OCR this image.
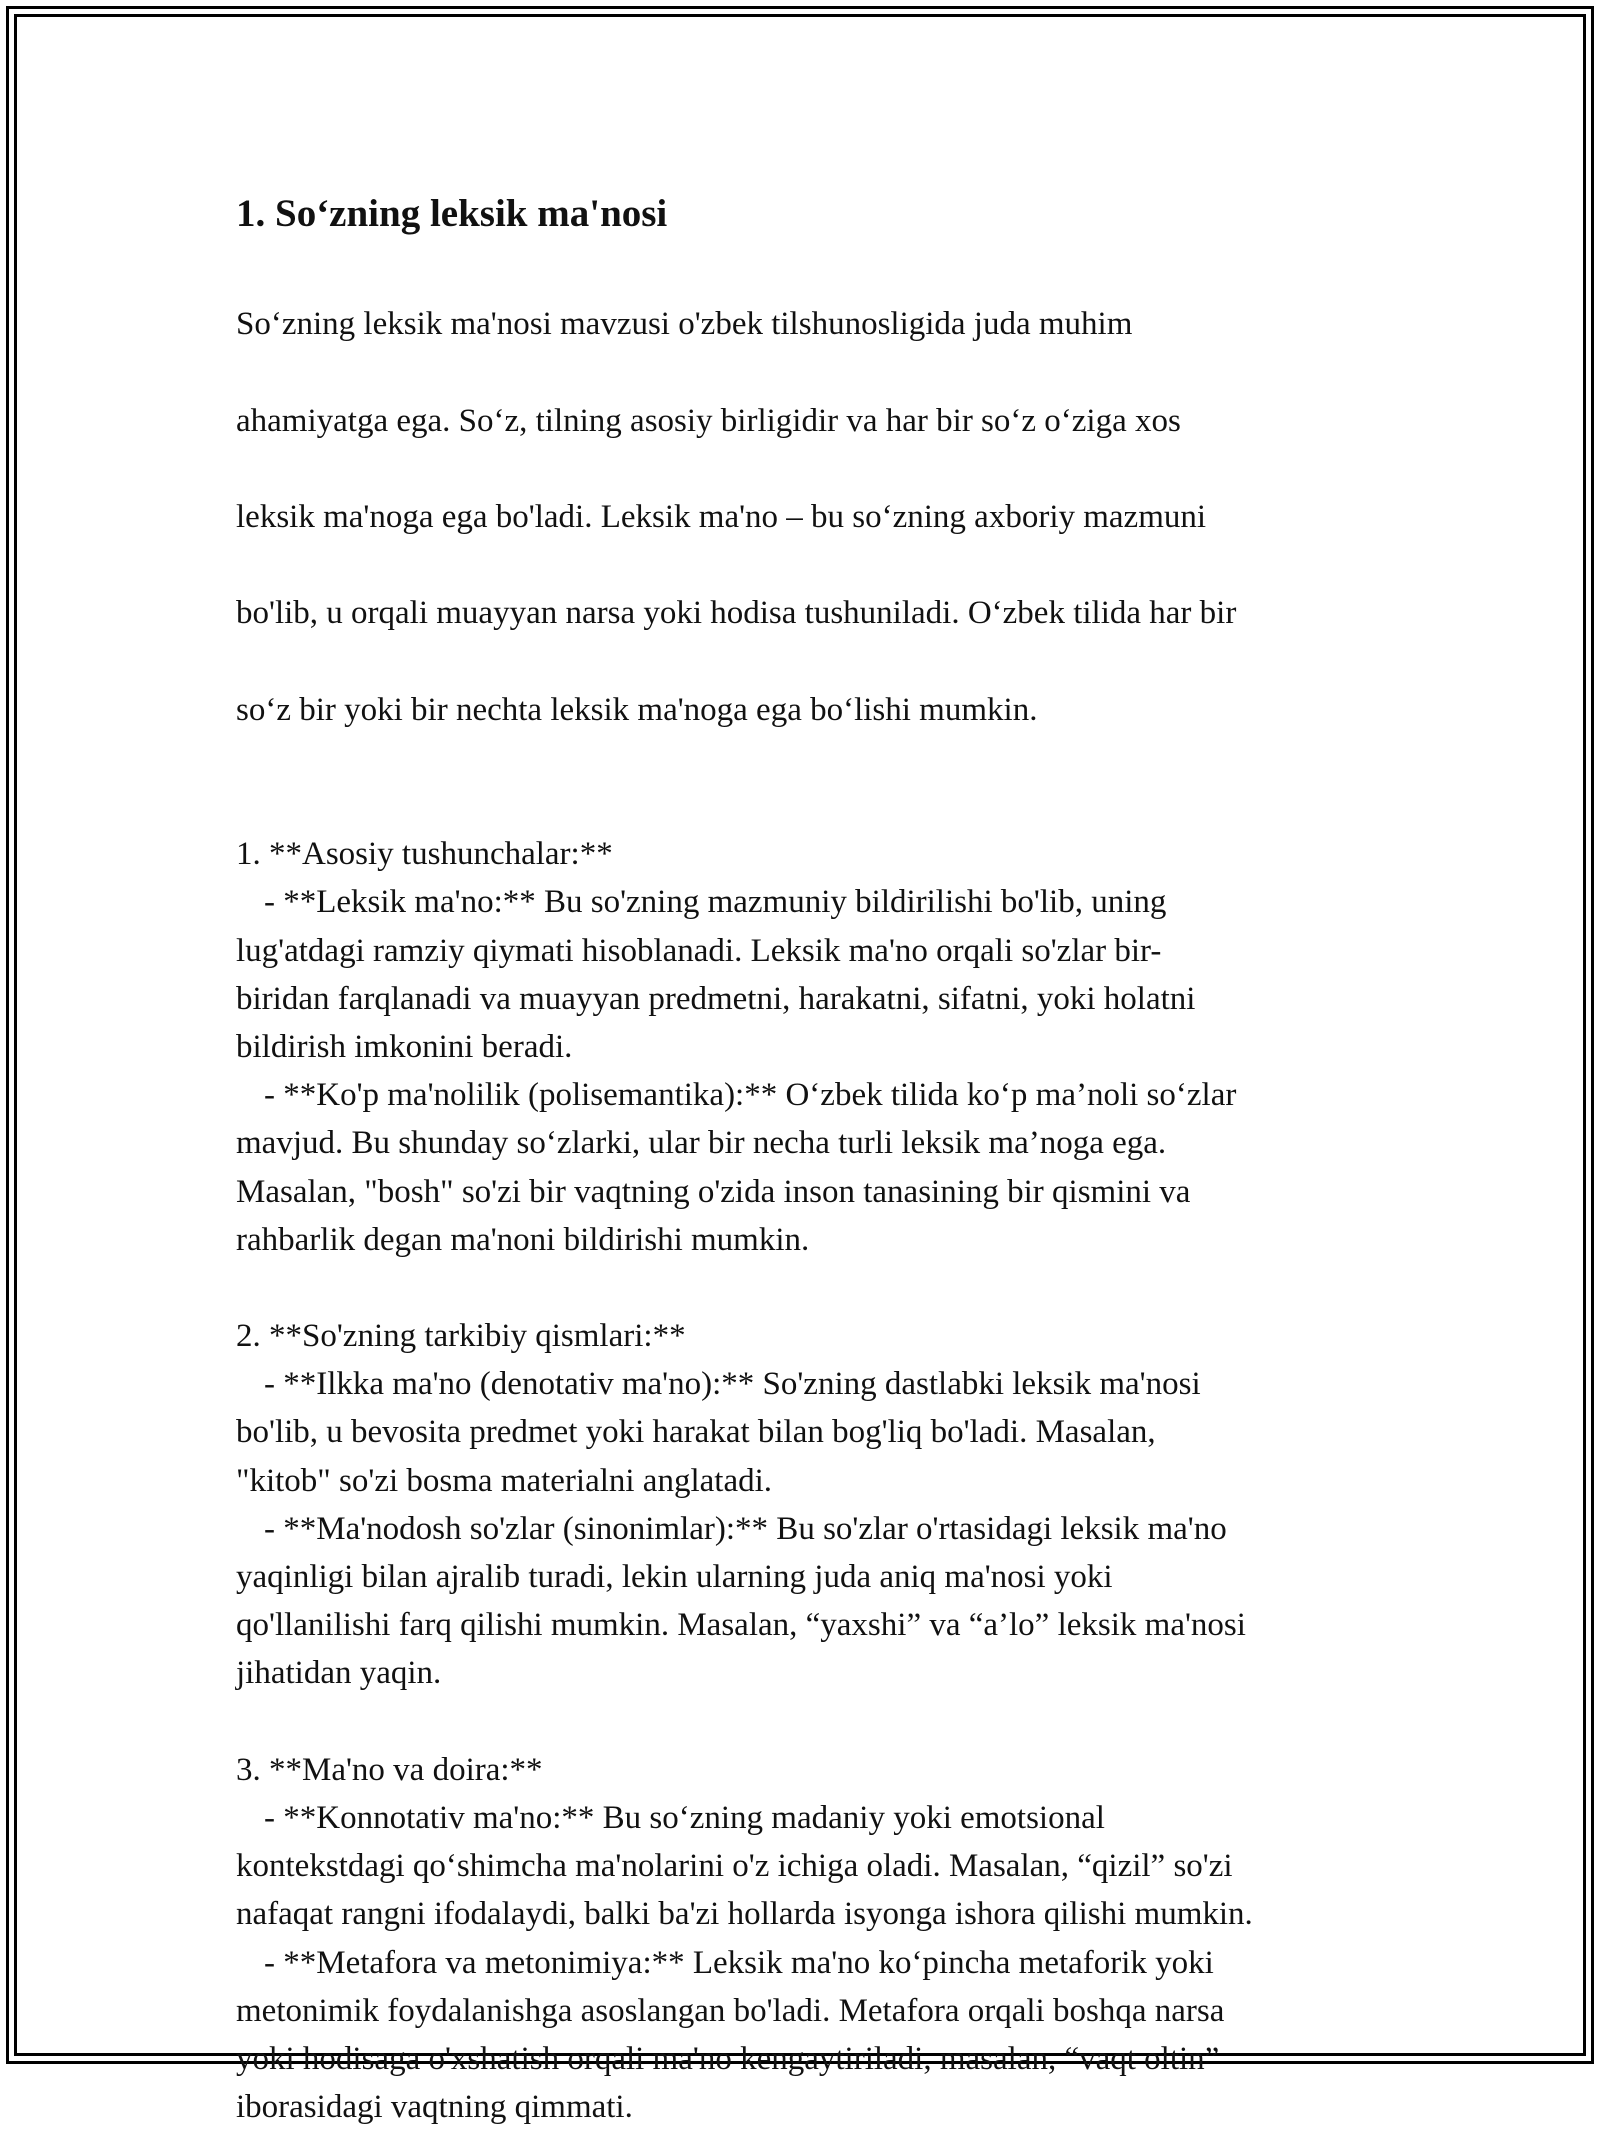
1. So‘zning leksik ma'nosi

So‘zning leksik ma'nosi mavzusi o'zbek tilshunosligida juda muhim

ahamiyatga ega. So‘z, tilning asosiy birligidir va har bir so‘z o‘ziga xos

leksik ma'noga ega bo'ladi. Leksik ma'no – bu so‘zning axboriy mazmuni

bo'lib, u orqali muayyan narsa yoki hodisa tushuniladi. O‘zbek tilida har bir

so‘z bir yoki bir nechta leksik ma'noga ega bo‘lishi mumkin.

1. **Asosiy tushunchalar:**
- **Leksik ma'no:** Bu so'zning mazmuniy bildirilishi bo'lib, uning
lug'atdagi ramziy qiymati hisoblanadi. Leksik ma'no orqali so'zlar bir-
biridan farqlanadi va muayyan predmetni, harakatni, sifatni, yoki holatni
bildirish imkonini beradi.
- **Ko'p ma'nolilik (polisemantika):** O‘zbek tilida ko‘p ma’noli so‘zlar
mavjud. Bu shunday so‘zlarki, ular bir necha turli leksik ma’noga ega.
Masalan, "bosh" so'zi bir vaqtning o'zida inson tanasining bir qismini va
rahbarlik degan ma'noni bildirishi mumkin.
2. **So'zning tarkibiy qismlari:**
- **Ilkka ma'no (denotativ ma'no):** So'zning dastlabki leksik ma'nosi
bo'lib, u bevosita predmet yoki harakat bilan bog'liq bo'ladi. Masalan,
"kitob" so'zi bosma materialni anglatadi.
- **Ma'nodosh so'zlar (sinonimlar):** Bu so'zlar o'rtasidagi leksik ma'no
yaqinligi bilan ajralib turadi, lekin ularning juda aniq ma'nosi yoki
qo'llanilishi farq qilishi mumkin. Masalan, “yaxshi” va “a’lo” leksik ma'nosi
jihatidan yaqin.
3. **Ma'no va doira:**
- **Konnotativ ma'no:** Bu so‘zning madaniy yoki emotsional
kontekstdagi qo‘shimcha ma'nolarini o'z ichiga oladi. Masalan, “qizil” so'zi
nafaqat rangni ifodalaydi, balki ba'zi hollarda isyonga ishora qilishi mumkin.
- **Metafora va metonimiya:** Leksik ma'no ko‘pincha metaforik yoki
metonimik foydalanishga asoslangan bo'ladi. Metafora orqali boshqa narsa
yoki hodisaga o'xshatish orqali ma'no kengaytiriladi, masalan, “vaqt oltin”
iborasidagi vaqtning qimmati.
